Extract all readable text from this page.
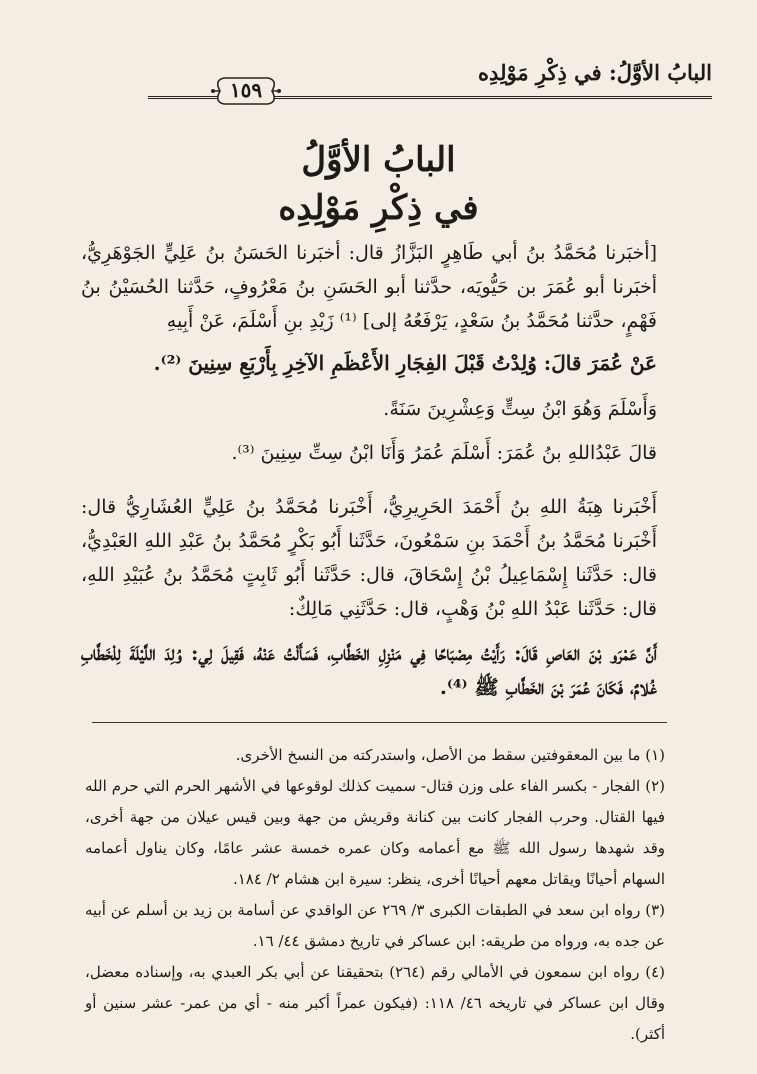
البابُ الأوَّلُ: في ذِكْرِ مَوْلِدِه
١٥٩
البابُ الأوَّلُ
في ذِكْرِ مَوْلِدِه
[أخبَرنا مُحَمَّدُ بنُ أبي طَاهِرٍ البَزَّازُ قال: أخبَرنا الحَسَنُ بنُ عَلِيٍّ الجَوْهَرِيُّ، أخبَرنا أبو عُمَرَ بن حَيُّويَه، حدَّثنا أبو الحَسَنِ بنُ مَعْرُوفٍ، حَدَّثنا الحُسَيْنُ بنُ فَهْمٍ، حدَّثنا مُحَمَّدُ بنُ سَعْدٍ، يَرْفَعُهُ إلى] ⁽¹⁾ زَيْدِ بنِ أَسْلَمَ، عَنْ أَبِيهِ
عَنْ عُمَرَ قالَ: وُلِدْتُ قَبْلَ الفِجَارِ الأَعْظَمِ الآخِرِ بِأَرْبَعِ سِنِينَ ⁽²⁾.
وَأَسْلَمَ وَهُوَ ابْنُ سِتٍّ وَعِشْرِينَ سَنَةً.
قالَ عَبْدُاللهِ بنُ عُمَرَ: أَسْلَمَ عُمَرُ وَأَنَا ابْنُ سِتِّ سِنِينَ ⁽³⁾.
أَخْبَرنا هِبَةُ اللهِ بنُ أَحْمَدَ الحَرِيرِيُّ، أَخْبَرنا مُحَمَّدُ بنُ عَلِيٍّ العُشَارِيُّ قال: أَخْبَرنا مُحَمَّدُ بنُ أَحْمَدَ بنِ سَمْعُونَ، حَدَّثَنا أَبُو بَكْرٍ مُحَمَّدُ بنُ عَبْدِ اللهِ العَبْدِيُّ، قال: حَدَّثَنا إِسْمَاعِيلُ بْنُ إِسْحَاقَ، قال: حَدَّثَنا أَبُو ثَابِتٍ مُحَمَّدُ بنُ عُبَيْدِ اللهِ، قال: حَدَّثَنا عَبْدُ اللهِ بْنُ وَهْبٍ، قال: حَدَّثَنِي مَالِكٌ:
أَنَّ عَمْرَو بْنَ العَاصِ قَالَ: رَأَيْتُ مِصْبَاحًا فِي مَنْزِلِ الخَطَّابِ، فَسَأَلْتُ عَنْهُ، فَقِيلَ لِي: وُلِدَ اللَّيْلَةَ لِلْخَطَّابِ غُلامٌ، فَكَانَ عُمَرَ بْنَ الخَطَّابِ ﷺ ⁽⁴⁾.

(١) ما بين المعقوفتين سقط من الأصل، واستدركته من النسخ الأخرى.

(٢) الفجار - بكسر الفاء على وزن قتال- سميت كذلك لوقوعها في الأشهر الحرم التي حرم الله فيها القتال. وحرب الفجار كانت بين كنانة وقريش من جهة وبين قيس عيلان من جهة أخرى، وقد شهدها رسول الله ﷺ مع أعمامه وكان عمره خمسة عشر عامًا، وكان يناول أعمامه السهام أحيانًا ويقاتل معهم أحيانًا أخرى، ينظر: سيرة ابن هشام ٢/ ١٨٤.

(٣) رواه ابن سعد في الطبقات الكبرى ٣/ ٢٦٩ عن الواقدي عن أسامة بن زيد بن أسلم عن أبيه عن جده به، ورواه من طريقه: ابن عساكر في تاريخ دمشق ٤٤/ ١٦.

(٤) رواه ابن سمعون في الأمالي رقم (٢٦٤) بتحقيقنا عن أبي بكر العبدي به، وإسناده معضل، وقال ابن عساكر في تاريخه ٤٦/ ١١٨: (فيكون عمراً أكبر منه - أي من عمر- عشر سنين أو أكثر).
